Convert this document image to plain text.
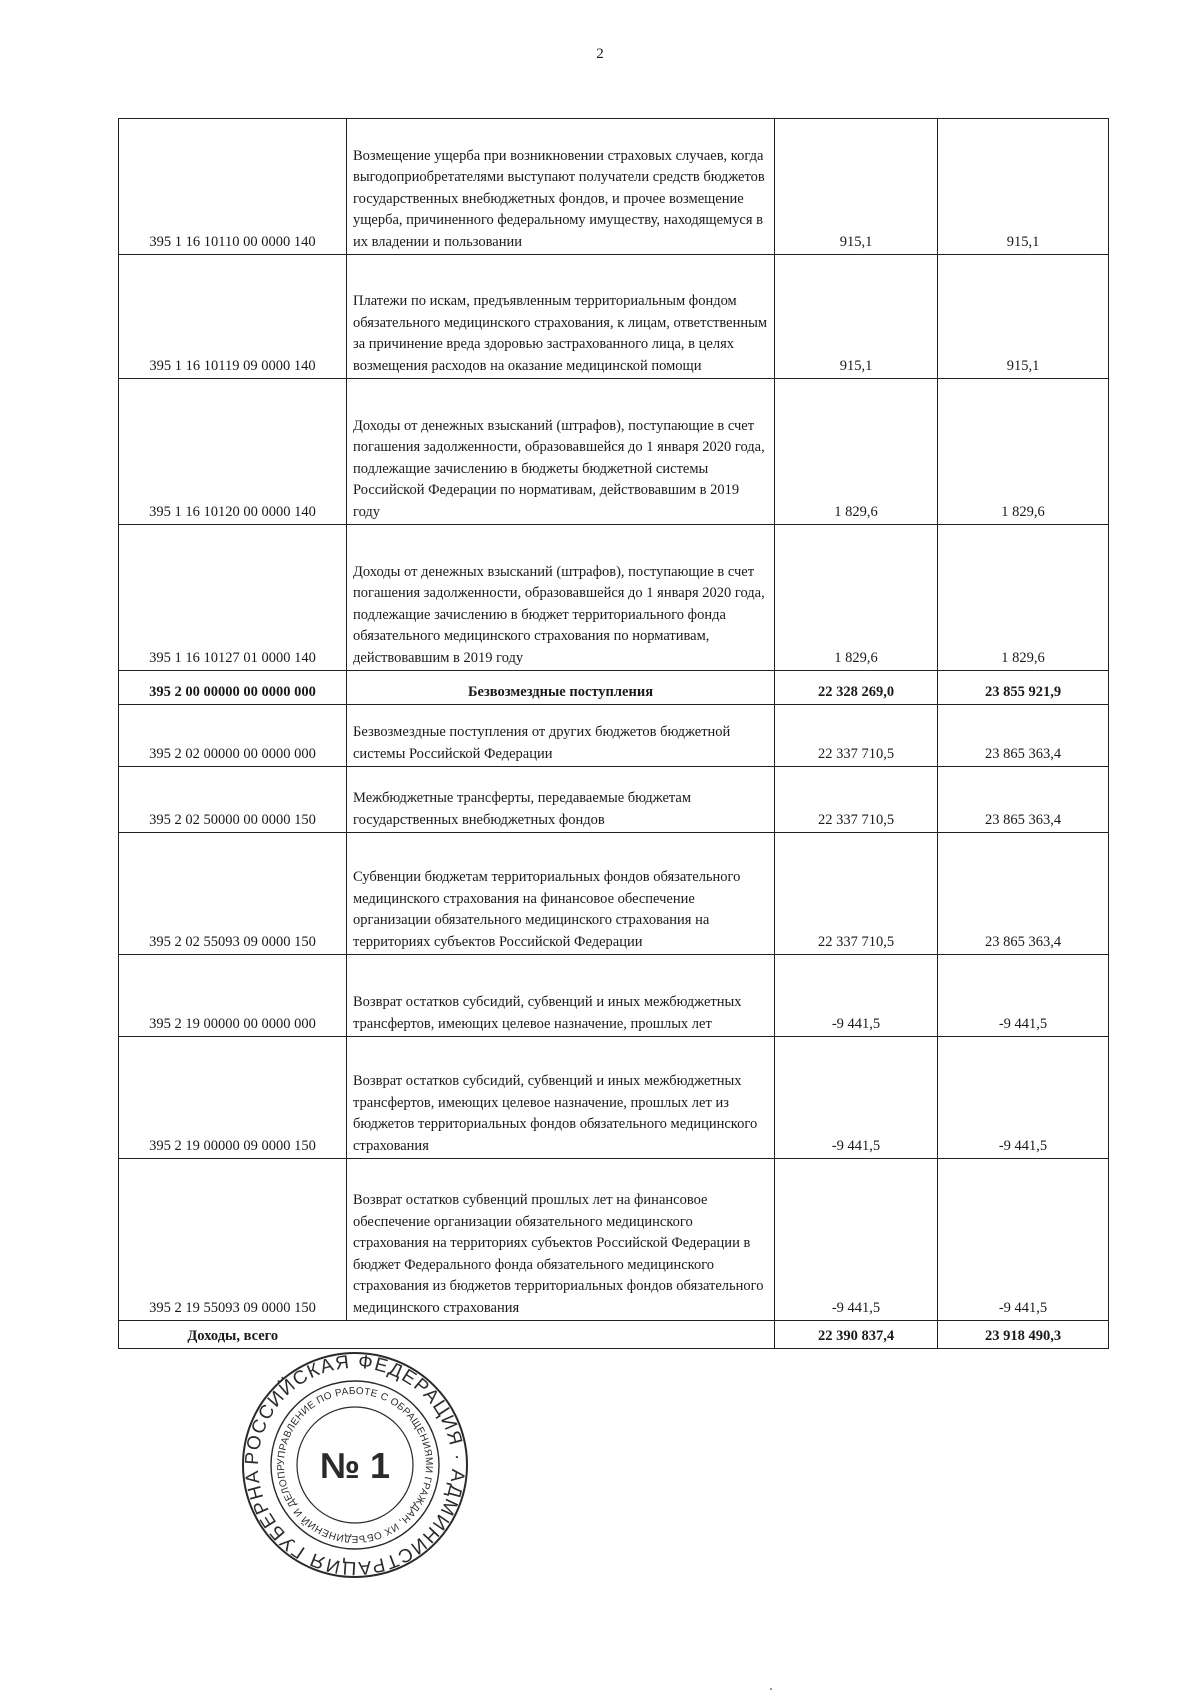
2
395 1 16 10110 00 0000 140	Возмещение ущерба при возникновении страховых случаев, когда выгодоприобретателями выступают получатели средств бюджетов государственных внебюджетных фондов, и прочее возмещение ущерба, причиненного федеральному имуществу, находящемуся в их владении и пользовании	915,1	915,1
395 1 16 10119 09 0000 140	Платежи по искам, предъявленным территориальным фондом обязательного медицинского страхования, к лицам, ответственным за причинение вреда здоровью застрахованного лица, в целях возмещения расходов на оказание медицинской помощи	915,1	915,1
395 1 16 10120 00 0000 140	Доходы от денежных взысканий (штрафов), поступающие в счет погашения задолженности, образовавшейся до 1 января 2020 года, подлежащие зачислению в бюджеты бюджетной системы Российской Федерации по нормативам, действовавшим в 2019 году	1 829,6	1 829,6
395 1 16 10127 01 0000 140	Доходы от денежных взысканий (штрафов), поступающие в счет погашения задолженности, образовавшейся до 1 января 2020 года, подлежащие зачислению в бюджет территориального фонда обязательного медицинского страхования по нормативам, действовавшим в 2019 году	1 829,6	1 829,6
395 2 00 00000 00 0000 000	Безвозмездные поступления	22 328 269,0	23 855 921,9
395 2 02 00000 00 0000 000	Безвозмездные поступления от других бюджетов бюджетной системы Российской Федерации	22 337 710,5	23 865 363,4
395 2 02 50000 00 0000 150	Межбюджетные трансферты, передаваемые бюджетам государственных внебюджетных фондов	22 337 710,5	23 865 363,4
395 2 02 55093 09 0000 150	Субвенции бюджетам территориальных фондов обязательного медицинского страхования на финансовое обеспечение организации обязательного медицинского страхования на территориях субъектов Российской Федерации	22 337 710,5	23 865 363,4
395 2 19 00000 00 0000 000	Возврат остатков субсидий, субвенций и иных межбюджетных трансфертов, имеющих целевое назначение, прошлых лет	-9 441,5	-9 441,5
395 2 19 00000 09 0000 150	Возврат остатков субсидий, субвенций и иных межбюджетных трансфертов, имеющих целевое назначение, прошлых лет из бюджетов территориальных фондов обязательного медицинского страхования	-9 441,5	-9 441,5
395 2 19 55093 09 0000 150	Возврат остатков субвенций прошлых лет на финансовое обеспечение организации обязательного медицинского страхования на территориях субъектов Российской Федерации в бюджет Федерального фонда обязательного медицинского страхования из бюджетов территориальных фондов обязательного медицинского страхования	-9 441,5	-9 441,5
Доходы, всего		22 390 837,4	23 918 490,3
РОССИЙСКАЯ ФЕДЕРАЦИЯ · АДМИНИСТРАЦИЯ ГУБЕРНА
УПРАВЛЕНИЕ ПО РАБОТЕ С ОБРАЩЕНИЯМИ ГРАЖДАН, ИХ ОБЪЕДИНЕНИЙ И ДЕЛОПР № 1
